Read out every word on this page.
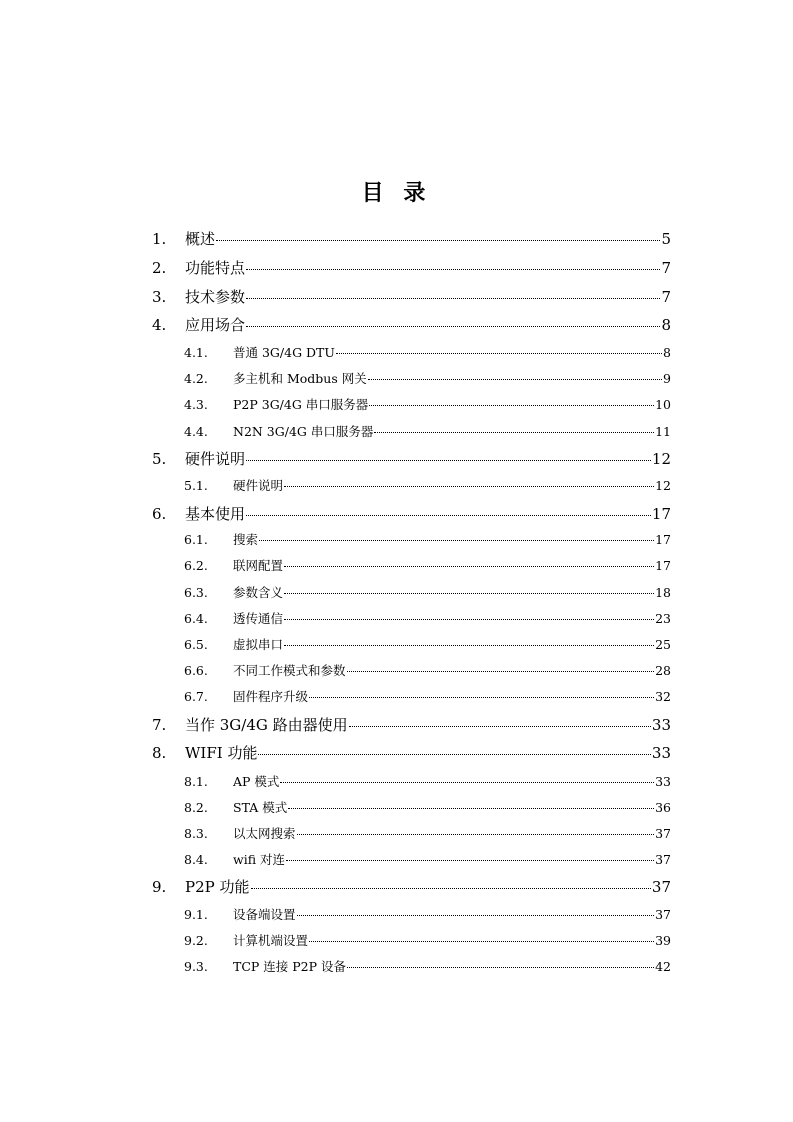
目 录
1.	概述	5
2.	功能特点	7
3.	技术参数	7
4.	应用场合	8
4.1.	普通 3G/4G DTU	8
4.2.	多主机和 Modbus 网关	9
4.3.	P2P 3G/4G 串口服务器	10
4.4.	N2N 3G/4G 串口服务器	11
5.	硬件说明	12
5.1.	硬件说明	12
6.	基本使用	17
6.1.	搜索	17
6.2.	联网配置	17
6.3.	参数含义	18
6.4.	透传通信	23
6.5.	虚拟串口	25
6.6.	不同工作模式和参数	28
6.7.	固件程序升级	32
7.	当作 3G/4G 路由器使用	33
8.	WIFI 功能	33
8.1.	AP 模式	33
8.2.	STA 模式	36
8.3.	以太网搜索	37
8.4.	wifi 对连	37
9.	P2P 功能	37
9.1.	设备端设置	37
9.2.	计算机端设置	39
9.3.	TCP 连接 P2P 设备	42
